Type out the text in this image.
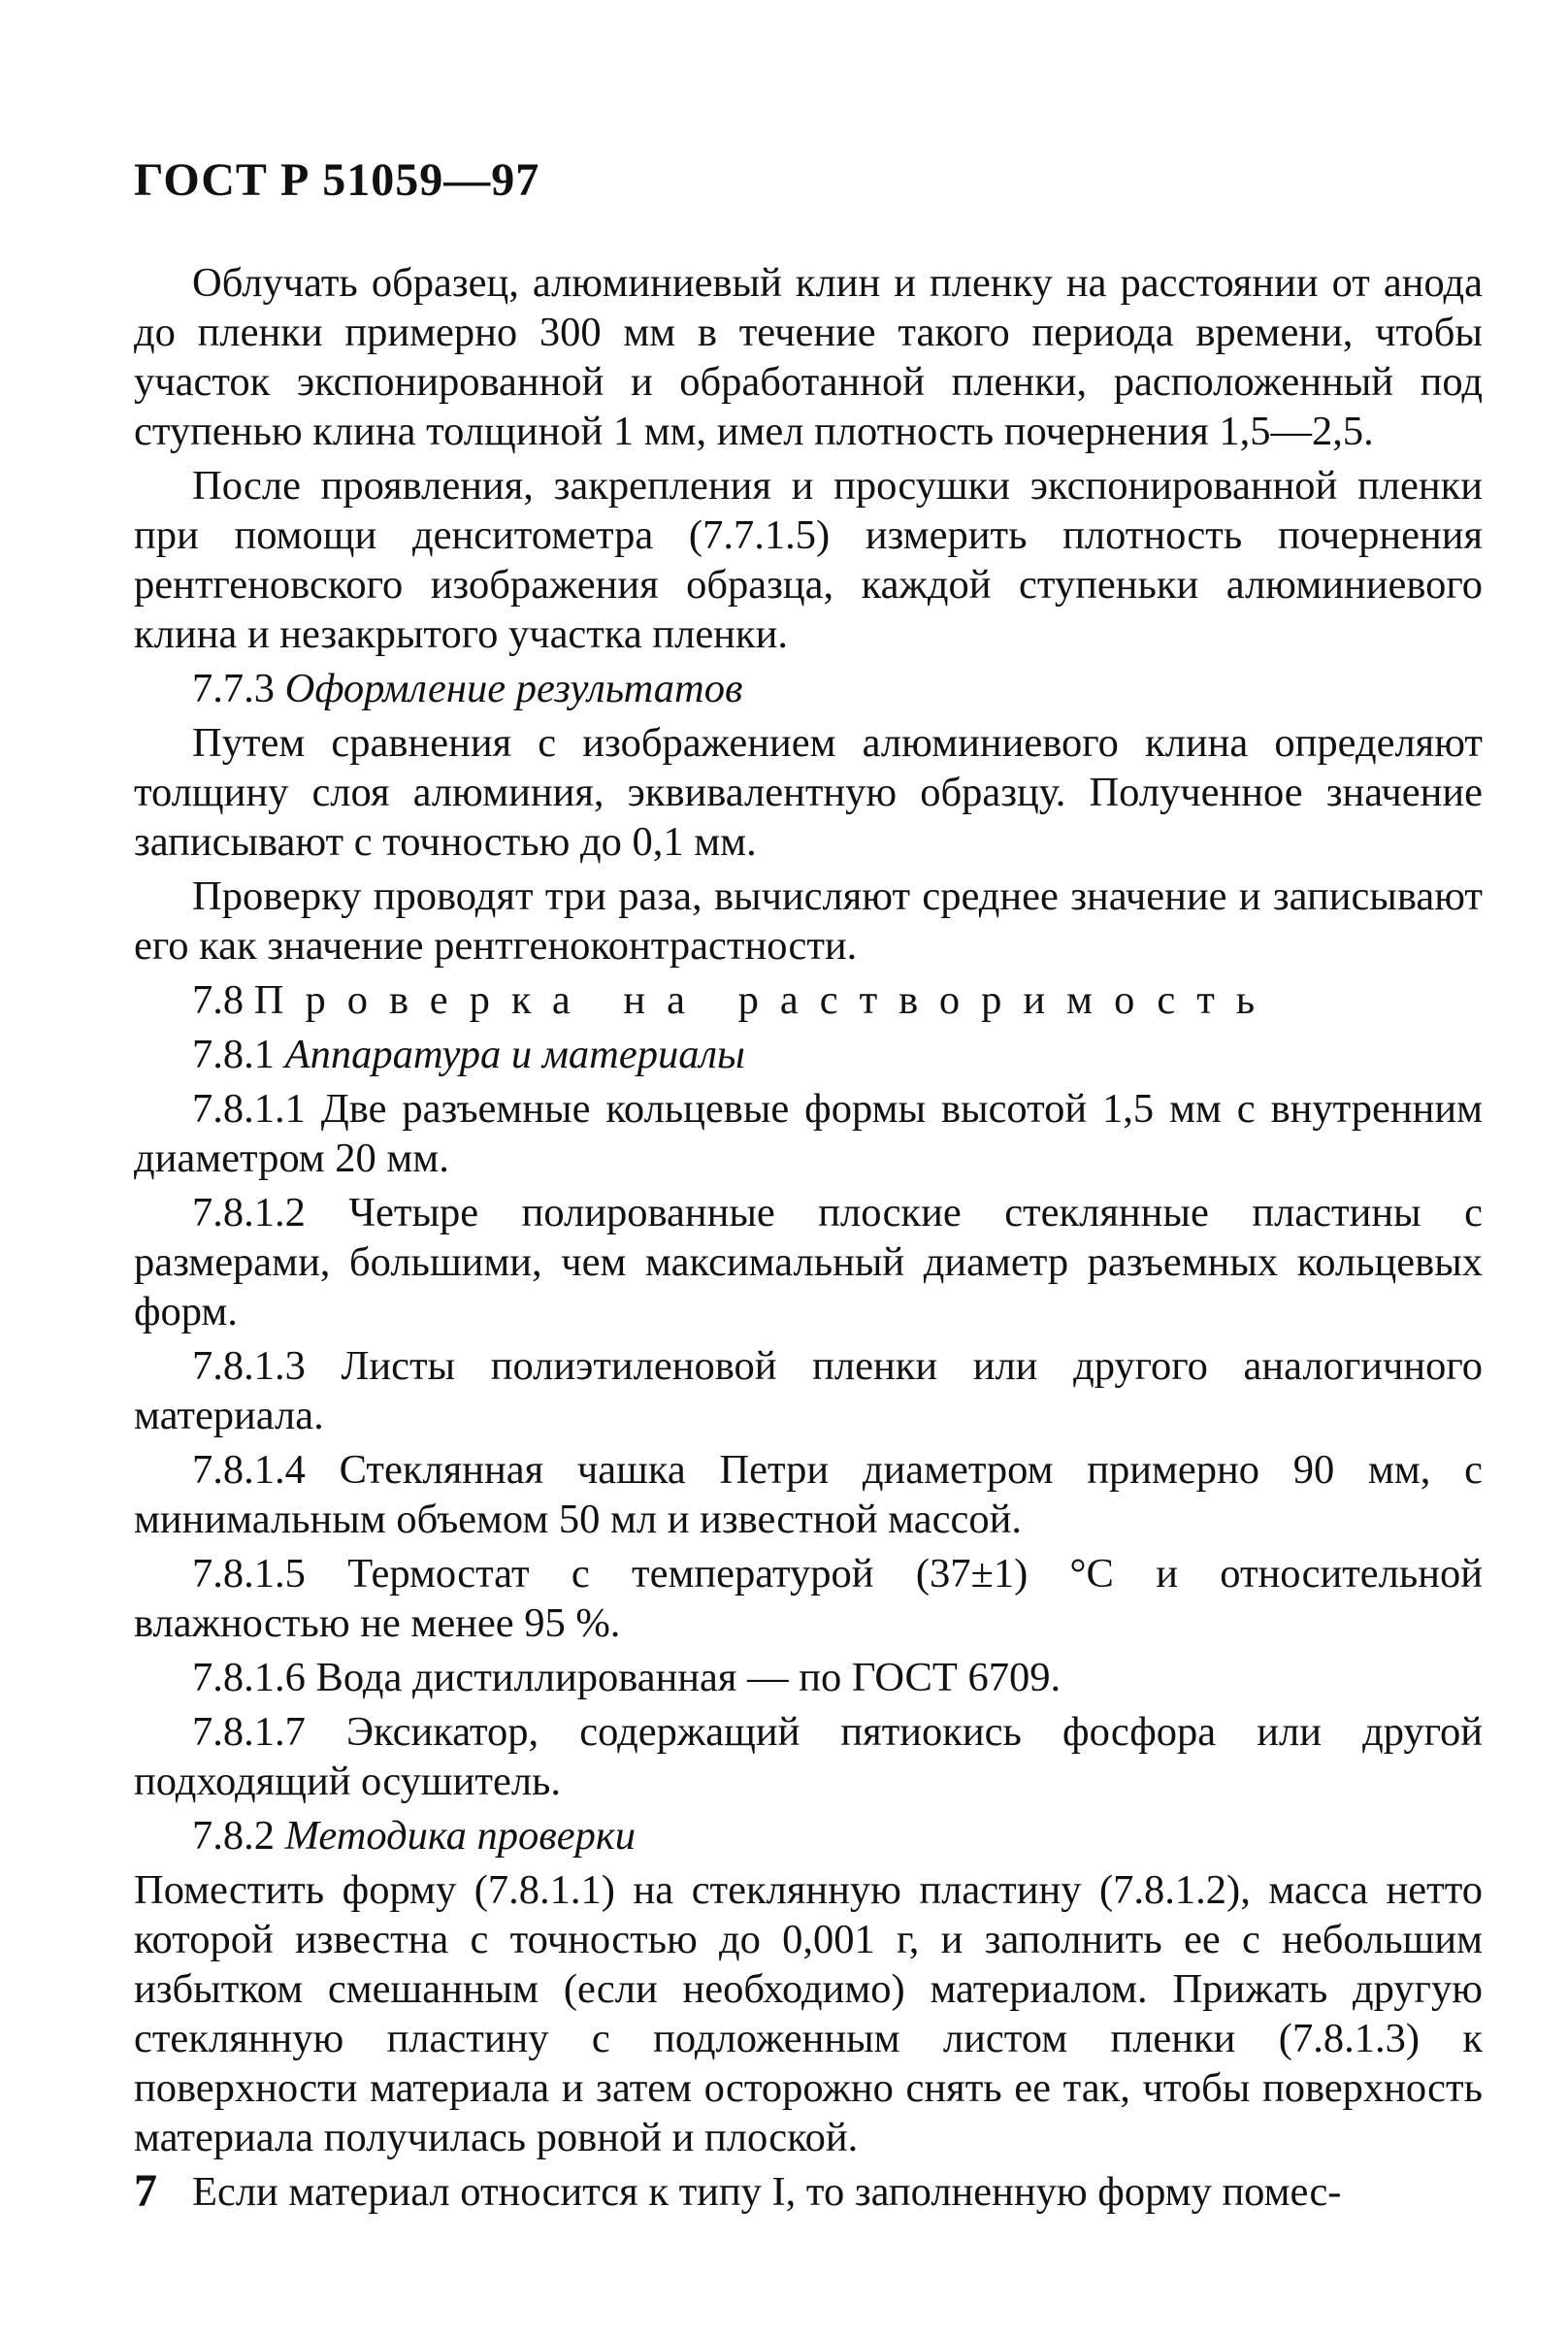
ГОСТ Р 51059—97
Облучать образец, алюминиевый клин и пленку на расстоянии от анода до пленки примерно 300 мм в течение такого периода времени, чтобы участок экспонированной и обработанной пленки, расположенный под ступенью клина толщиной 1 мм, имел плотность почернения 1,5—2,5.
После проявления, закрепления и просушки экспонированной пленки при помощи денситометра (7.7.1.5) измерить плотность почернения рентгеновского изображения образца, каждой ступеньки алюминиевого клина и незакрытого участка пленки.
7.7.3 Оформление результатов
Путем сравнения с изображением алюминиевого клина определяют толщину слоя алюминия, эквивалентную образцу. Полученное значение записывают с точностью до 0,1 мм.
Проверку проводят три раза, вычисляют среднее значение и записывают его как значение рентгеноконтрастности.
7.8 Проверка на растворимость
7.8.1 Аппаратура и материалы
7.8.1.1 Две разъемные кольцевые формы высотой 1,5 мм с внутренним диаметром 20 мм.
7.8.1.2 Четыре полированные плоские стеклянные пластины с размерами, большими, чем максимальный диаметр разъемных кольцевых форм.
7.8.1.3 Листы полиэтиленовой пленки или другого аналогичного материала.
7.8.1.4 Стеклянная чашка Петри диаметром примерно 90 мм, с минимальным объемом 50 мл и известной массой.
7.8.1.5 Термостат с температурой (37±1) °С и относительной влажностью не менее 95 %.
7.8.1.6 Вода дистиллированная — по ГОСТ 6709.
7.8.1.7 Эксикатор, содержащий пятиокись фосфора или другой подходящий осушитель.
7.8.2 Методика проверки
Поместить форму (7.8.1.1) на стеклянную пластину (7.8.1.2), масса нетто которой известна с точностью до 0,001 г, и заполнить ее с небольшим избытком смешанным (если необходимо) материалом. Прижать другую стеклянную пластину с подложенным листом пленки (7.8.1.3) к поверхности материала и затем осторожно снять ее так, чтобы поверхность материала получилась ровной и плоской.
Если материал относится к типу I, то заполненную форму помес-
7
